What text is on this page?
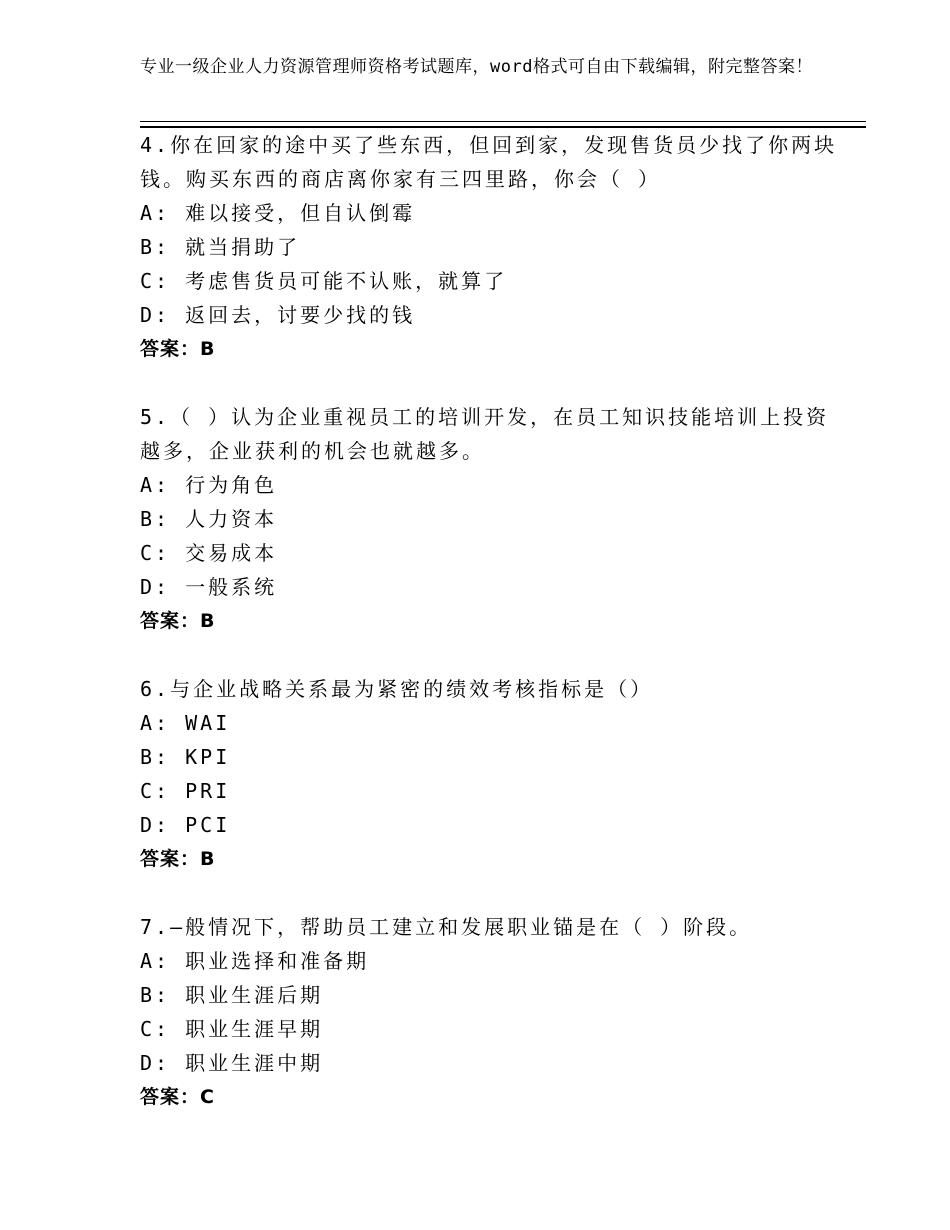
专业一级企业人力资源管理师资格考试题库，word格式可自由下载编辑，附完整答案！

4.你在回家的途中买了些东西，但回到家，发现售货员少找了你两块钱。购买东西的商店离你家有三四里路，你会（ ）

A: 难以接受，但自认倒霉

B: 就当捐助了

C: 考虑售货员可能不认账，就算了

D: 返回去，讨要少找的钱

答案：B

5.（ ）认为企业重视员工的培训开发，在员工知识技能培训上投资越多，企业获利的机会也就越多。

A: 行为角色

B: 人力资本

C: 交易成本

D: 一般系统

答案：B

6.与企业战略关系最为紧密的绩效考核指标是（）

A: WAI

B: KPI

C: PRI

D: PCI

答案：B

7.—般情况下，帮助员工建立和发展职业锚是在（ ）阶段。

A: 职业选择和准备期

B: 职业生涯后期

C: 职业生涯早期

D: 职业生涯中期

答案：C
